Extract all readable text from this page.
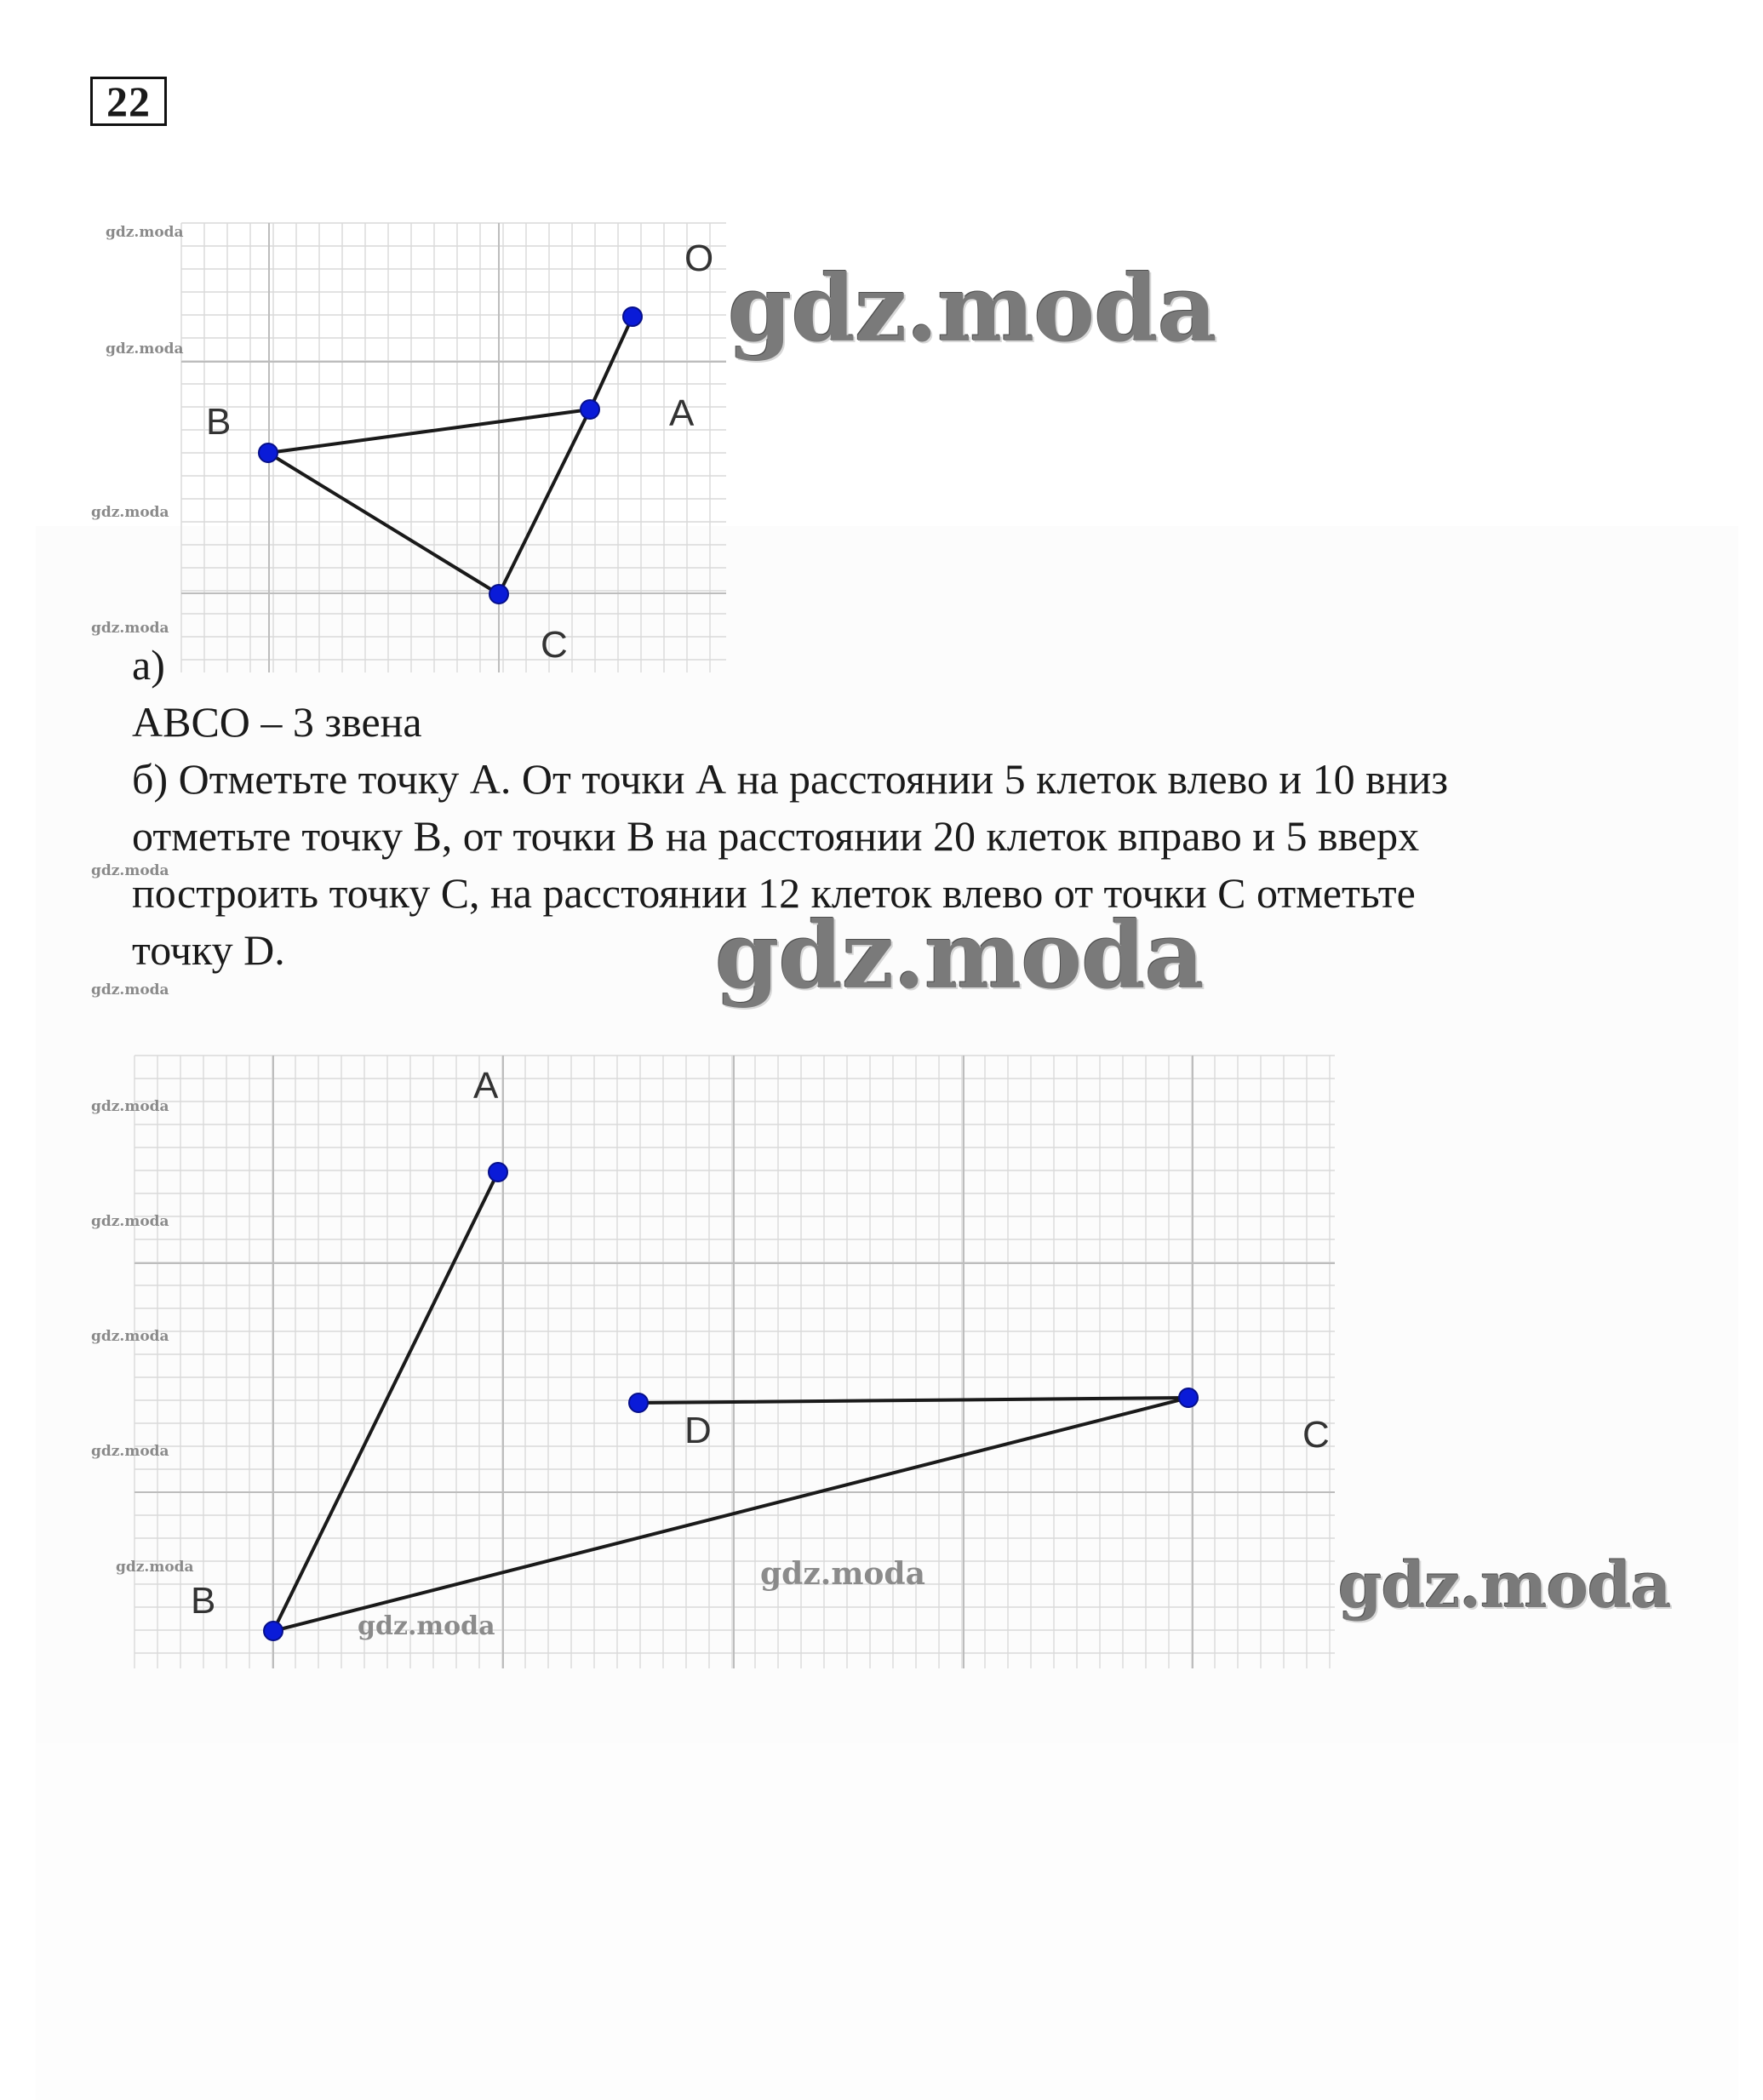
22
O
A
B
C
а)
АВСО – 3 звена
б) Отметьте точку А. От точки А на расстоянии 5 клеток влево и 10 вниз
отметьте точку В, от точки В на расстоянии 20 клеток вправо и 5 вверх
построить точку С, на расстоянии 12 клеток влево от точки С отметьте
точку D.
A
B
C
D
gdz.moda
gdz.moda
gdz.moda
gdz.moda
gdz.moda
gdz.moda
gdz.moda
gdz.moda
gdz.moda
gdz.moda
gdz.moda
gdz.moda
gdz.moda
gdz.moda
gdz.moda
gdz.moda
